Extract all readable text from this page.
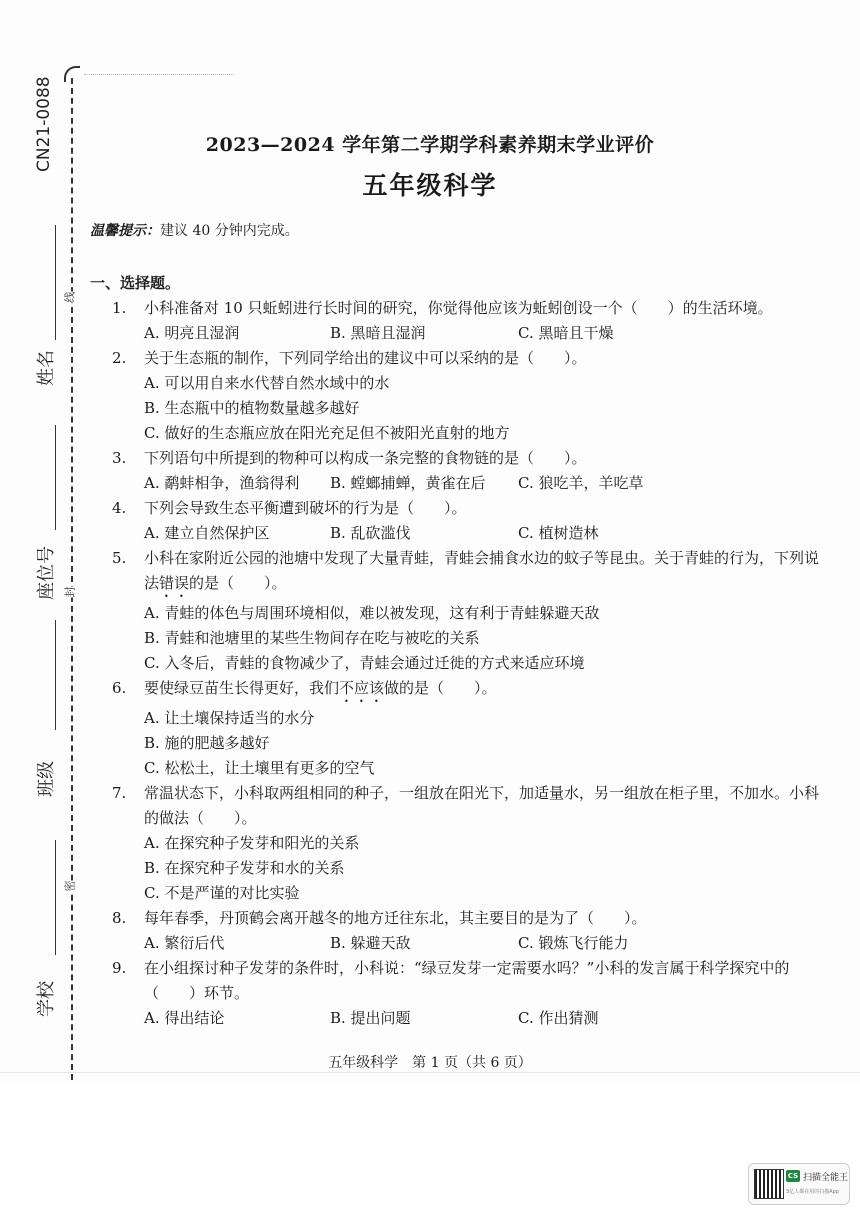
CN21-0088
姓名
座位号
班级
学校
线
封
密
2023—2024 学年第二学期学科素养期末学业评价
五年级科学
温馨提示：建议 40 分钟内完成。
一、选择题。
1. 小科准备对 10 只蚯蚓进行长时间的研究，你觉得他应该为蚯蚓创设一个（　　）的生活环境。
A. 明亮且湿润	B. 黑暗且湿润	C. 黑暗且干燥
2. 关于生态瓶的制作，下列同学给出的建议中可以采纳的是（　　）。
A. 可以用自来水代替自然水域中的水
B. 生态瓶中的植物数量越多越好
C. 做好的生态瓶应放在阳光充足但不被阳光直射的地方
3. 下列语句中所提到的物种可以构成一条完整的食物链的是（　　）。
A. 鹬蚌相争，渔翁得利	B. 螳螂捕蝉，黄雀在后	C. 狼吃羊，羊吃草
4. 下列会导致生态平衡遭到破坏的行为是（　　）。
A. 建立自然保护区	B. 乱砍滥伐	C. 植树造林
5. 小科在家附近公园的池塘中发现了大量青蛙，青蛙会捕食水边的蚊子等昆虫。关于青蛙的行为，下列说法错误的是（　　）。
A. 青蛙的体色与周围环境相似，难以被发现，这有利于青蛙躲避天敌
B. 青蛙和池塘里的某些生物间存在吃与被吃的关系
C. 入冬后，青蛙的食物减少了，青蛙会通过迁徙的方式来适应环境
6. 要使绿豆苗生长得更好，我们不应该做的是（　　）。
A. 让土壤保持适当的水分
B. 施的肥越多越好
C. 松松土，让土壤里有更多的空气
7. 常温状态下，小科取两组相同的种子，一组放在阳光下，加适量水，另一组放在柜子里，不加水。小科的做法（　　）。
A. 在探究种子发芽和阳光的关系
B. 在探究种子发芽和水的关系
C. 不是严谨的对比实验
8. 每年春季，丹顶鹤会离开越冬的地方迁往东北，其主要目的是为了（　　）。
A. 繁衍后代	B. 躲避天敌	C. 锻炼飞行能力
9. 在小组探讨种子发芽的条件时，小科说：“绿豆发芽一定需要水吗？”小科的发言属于科学探究中的（　　）环节。
A. 得出结论	B. 提出问题	C. 作出猜测
五年级科学　第 1 页（共 6 页）
CS 扫描全能王
3亿人都在用的扫描App
